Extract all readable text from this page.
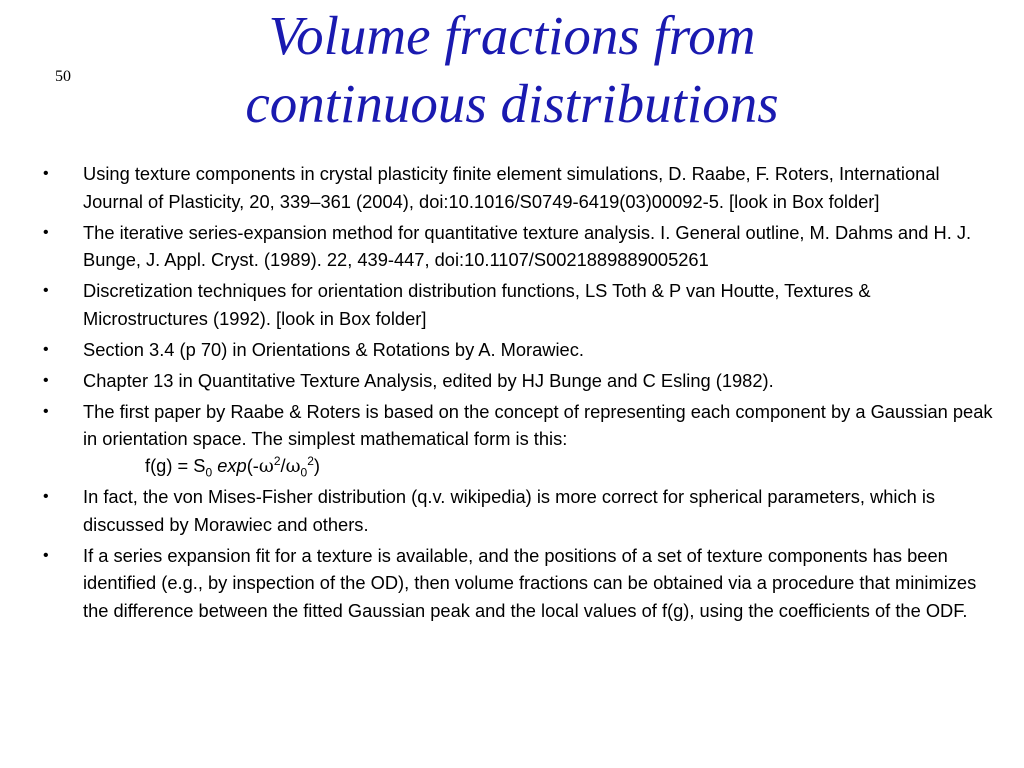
50
Volume fractions from
continuous distributions
• Using texture components in crystal plasticity finite element simulations, D. Raabe, F. Roters, International Journal of Plasticity, 20, 339–361 (2004), doi:10.1016/S0749-6419(03)00092-5. [look in Box folder]
• The iterative series-expansion method for quantitative texture analysis. I. General outline, M. Dahms and H. J. Bunge, J. Appl. Cryst. (1989). 22, 439-447, doi:10.1107/S0021889889005261
• Discretization techniques for orientation distribution functions, LS Toth & P van Houtte, Textures & Microstructures (1992). [look in Box folder]
• Section 3.4 (p 70) in Orientations & Rotations by A. Morawiec.
• Chapter 13 in Quantitative Texture Analysis, edited by HJ Bunge and C Esling (1982).
• The first paper by Raabe & Roters is based on the concept of representing each component by a Gaussian peak in orientation space. The simplest mathematical form is this:
$f(g) = S_0$ $\exp(-\omega^2/\omega_0^2)$
• In fact, the von Mises-Fisher distribution (q.v. wikipedia) is more correct for spherical parameters, which is discussed by Morawiec and others.
• If a series expansion fit for a texture is available, and the positions of a set of texture components has been identified (e.g., by inspection of the OD), then volume fractions can be obtained via a procedure that minimizes the difference between the fitted Gaussian peak and the local values of f(g), using the coefficients of the ODF.
